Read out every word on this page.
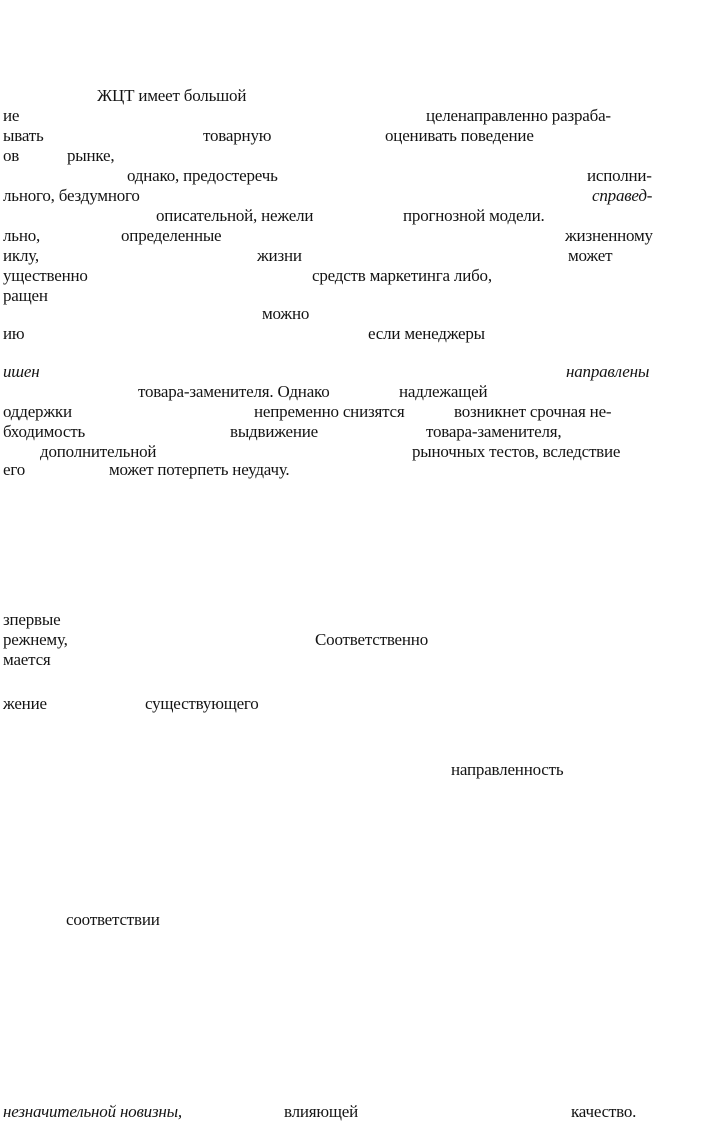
ЖЦТ имеет большой
ие	целенаправленно разраба-
ывать	товарную	оценивать поведение
ов	рынке,
однако, предостеречь	исполни-
льного, бездумного	справед-
описательной, нежели	прогнозной модели.
льно,	определенные	жизненному
иклу,	жизни	может
ущественно	средств маркетинга либо,
ращен
можно
ию	если менеджеры
ишен	направлены
товара-заменителя. Однако	надлежащей
оддержки	непременно снизятся	возникнет срочная не-
бходимость	выдвижение	товара-заменителя,
дополнительной	рыночных тестов, вследствие
его	может потерпеть неудачу.
зпервые
режнему,	Соответственно
мается
жение	существующего
направленность
соответствии
незначительной новизны,	влияющей	качество.
